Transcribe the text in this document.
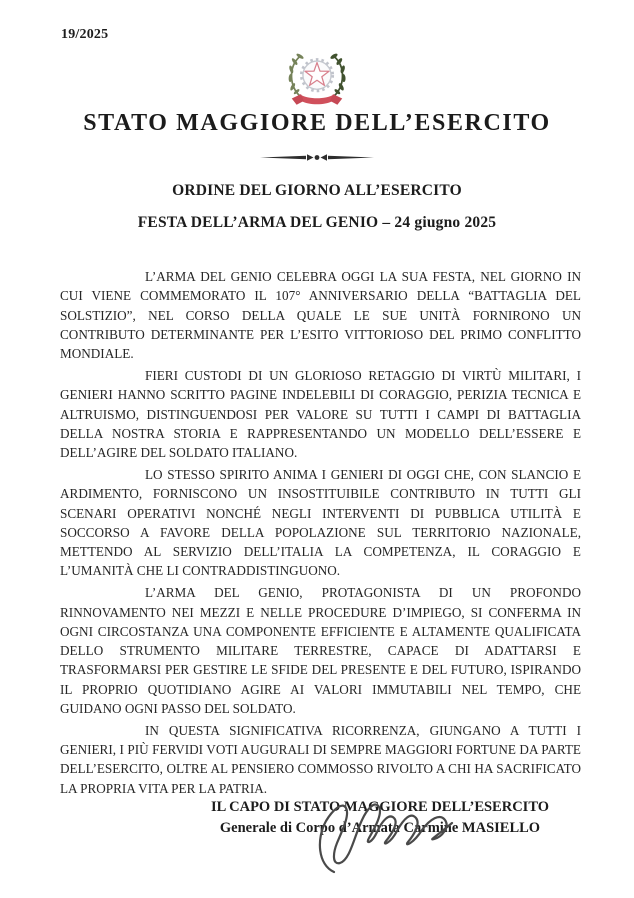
19/2025
STATO MAGGIORE DELL’ESERCITO
ORDINE DEL GIORNO ALL’ESERCITO
FESTA DELL’ARMA DEL GENIO – 24 giugno 2025

L’ARMA DEL GENIO CELEBRA OGGI LA SUA FESTA, NEL GIORNO IN CUI VIENE COMMEMORATO IL 107° ANNIVERSARIO DELLA “BATTAGLIA DEL SOLSTIZIO”, NEL CORSO DELLA QUALE LE SUE UNITÀ FORNIRONO UN CONTRIBUTO DETERMINANTE PER L’ESITO VITTORIOSO DEL PRIMO CONFLITTO MONDIALE.

FIERI CUSTODI DI UN GLORIOSO RETAGGIO DI VIRTÙ MILITARI, I GENIERI HANNO SCRITTO PAGINE INDELEBILI DI CORAGGIO, PERIZIA TECNICA E ALTRUISMO, DISTINGUENDOSI PER VALORE SU TUTTI I CAMPI DI BATTAGLIA DELLA NOSTRA STORIA E RAPPRESENTANDO UN MODELLO DELL’ESSERE E DELL’AGIRE DEL SOLDATO ITALIANO.

LO STESSO SPIRITO ANIMA I GENIERI DI OGGI CHE, CON SLANCIO E ARDIMENTO, FORNISCONO UN INSOSTITUIBILE CONTRIBUTO IN TUTTI GLI SCENARI OPERATIVI NONCHÉ NEGLI INTERVENTI DI PUBBLICA UTILITÀ E SOCCORSO A FAVORE DELLA POPOLAZIONE SUL TERRITORIO NAZIONALE, METTENDO AL SERVIZIO DELL’ITALIA LA COMPETENZA, IL CORAGGIO E L’UMANITÀ CHE LI CONTRADDISTINGUONO.

L’ARMA DEL GENIO, PROTAGONISTA DI UN PROFONDO RINNOVAMENTO NEI MEZZI E NELLE PROCEDURE D’IMPIEGO, SI CONFERMA IN OGNI CIRCOSTANZA UNA COMPONENTE EFFICIENTE E ALTAMENTE QUALIFICATA DELLO STRUMENTO MILITARE TERRESTRE, CAPACE DI ADATTARSI E TRASFORMARSI PER GESTIRE LE SFIDE DEL PRESENTE E DEL FUTURO, ISPIRANDO IL PROPRIO QUOTIDIANO AGIRE AI VALORI IMMUTABILI NEL TEMPO, CHE GUIDANO OGNI PASSO DEL SOLDATO.

IN QUESTA SIGNIFICATIVA RICORRENZA, GIUNGANO A TUTTI I GENIERI, I PIÙ FERVIDI VOTI AUGURALI DI SEMPRE MAGGIORI FORTUNE DA PARTE DELL’ESERCITO, OLTRE AL PENSIERO COMMOSSO RIVOLTO A CHI HA SACRIFICATO LA PROPRIA VITA PER LA PATRIA.

IL CAPO DI STATO MAGGIORE DELL’ESERCITO
Generale di Corpo d’Armata Carmine MASIELLO
